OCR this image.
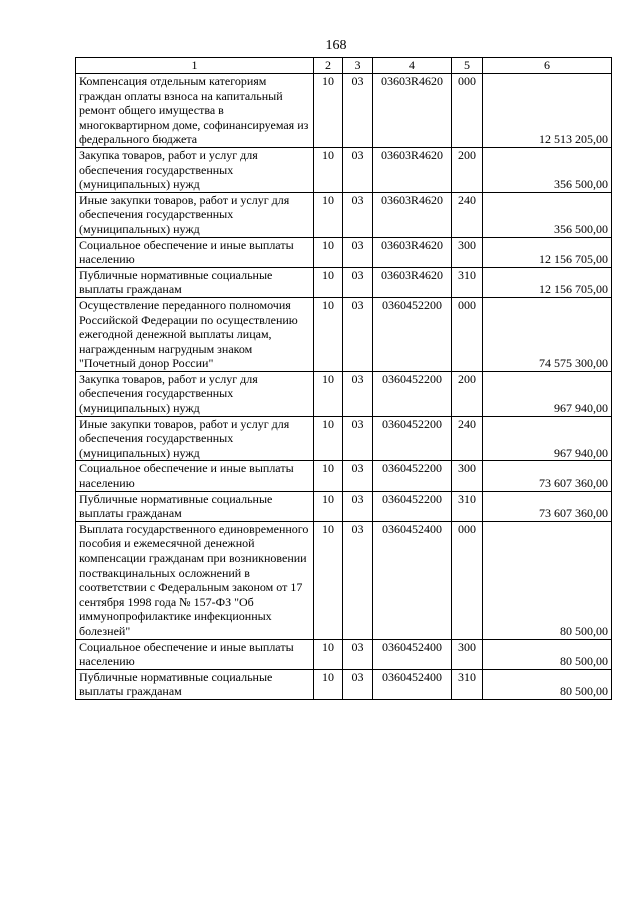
168
1	2	3	4	5	6
Компенсация отдельным категориям граждан оплаты взноса на капитальный ремонт общего имущества в многоквартирном доме, софинансируемая из федерального бюджета	10	03	03603R4620	000	12 513 205,00
Закупка товаров, работ и услуг для обеспечения государственных (муниципальных) нужд	10	03	03603R4620	200	356 500,00
Иные закупки товаров, работ и услуг для обеспечения государственных (муниципальных) нужд	10	03	03603R4620	240	356 500,00
Социальное обеспечение и иные выплаты населению	10	03	03603R4620	300	12 156 705,00
Публичные нормативные социальные выплаты гражданам	10	03	03603R4620	310	12 156 705,00
Осуществление переданного полномочия Российской Федерации по осуществлению ежегодной денежной выплаты лицам, награжденным нагрудным знаком "Почетный донор России"	10	03	0360452200	000	74 575 300,00
Закупка товаров, работ и услуг для обеспечения государственных (муниципальных) нужд	10	03	0360452200	200	967 940,00
Иные закупки товаров, работ и услуг для обеспечения государственных (муниципальных) нужд	10	03	0360452200	240	967 940,00
Социальное обеспечение и иные выплаты населению	10	03	0360452200	300	73 607 360,00
Публичные нормативные социальные выплаты гражданам	10	03	0360452200	310	73 607 360,00
Выплата государственного единовременного пособия и ежемесячной денежной компенсации гражданам при возникновении поствакцинальных осложнений в соответствии с Федеральным законом от 17 сентября 1998 года № 157-ФЗ "Об иммунопрофилактике инфекционных болезней"	10	03	0360452400	000	80 500,00
Социальное обеспечение и иные выплаты населению	10	03	0360452400	300	80 500,00
Публичные нормативные социальные выплаты гражданам	10	03	0360452400	310	80 500,00
